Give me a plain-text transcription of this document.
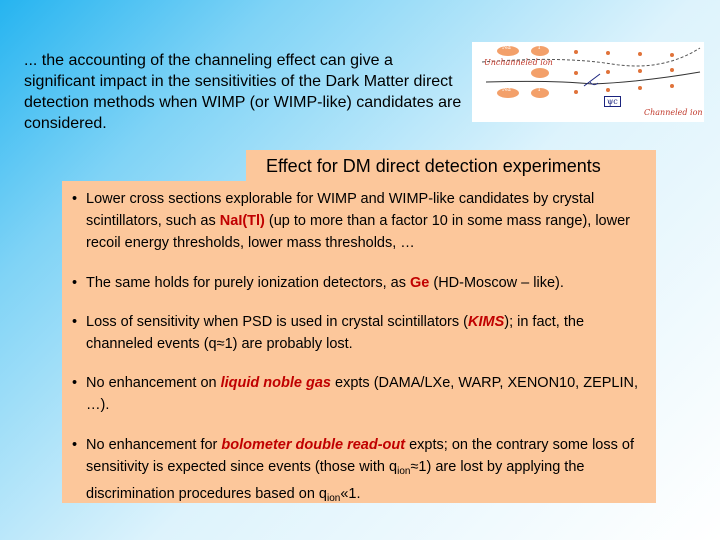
... the accounting of the channeling effect can give a significant impact in the sensitivities of the Dark Matter direct detection methods when WIMP (or WIMP-like) candidates are considered.
Unchanneled ion
Channeled ion
ψc
Na	I
Na	I
Effect for DM direct detection experiments
• Lower cross sections explorable for WIMP and WIMP-like candidates by crystal scintillators, such as NaI(Tl) (up to more than a factor 10 in some mass range), lower recoil energy thresholds, lower mass thresholds, …
• The same holds for purely ionization detectors, as Ge (HD-Moscow – like).
• Loss of sensitivity when PSD is used in crystal scintillators (KIMS); in fact, the channeled events (q≈1) are probably lost.
• No enhancement on liquid noble gas expts (DAMA/LXe, WARP, XENON10, ZEPLIN, …).
• No enhancement for bolometer double read-out expts; on the contrary some loss of sensitivity is expected since events (those with $q_{ion}\approx 1$) are lost by applying the discrimination procedures based on $q_{ion}«1$.
